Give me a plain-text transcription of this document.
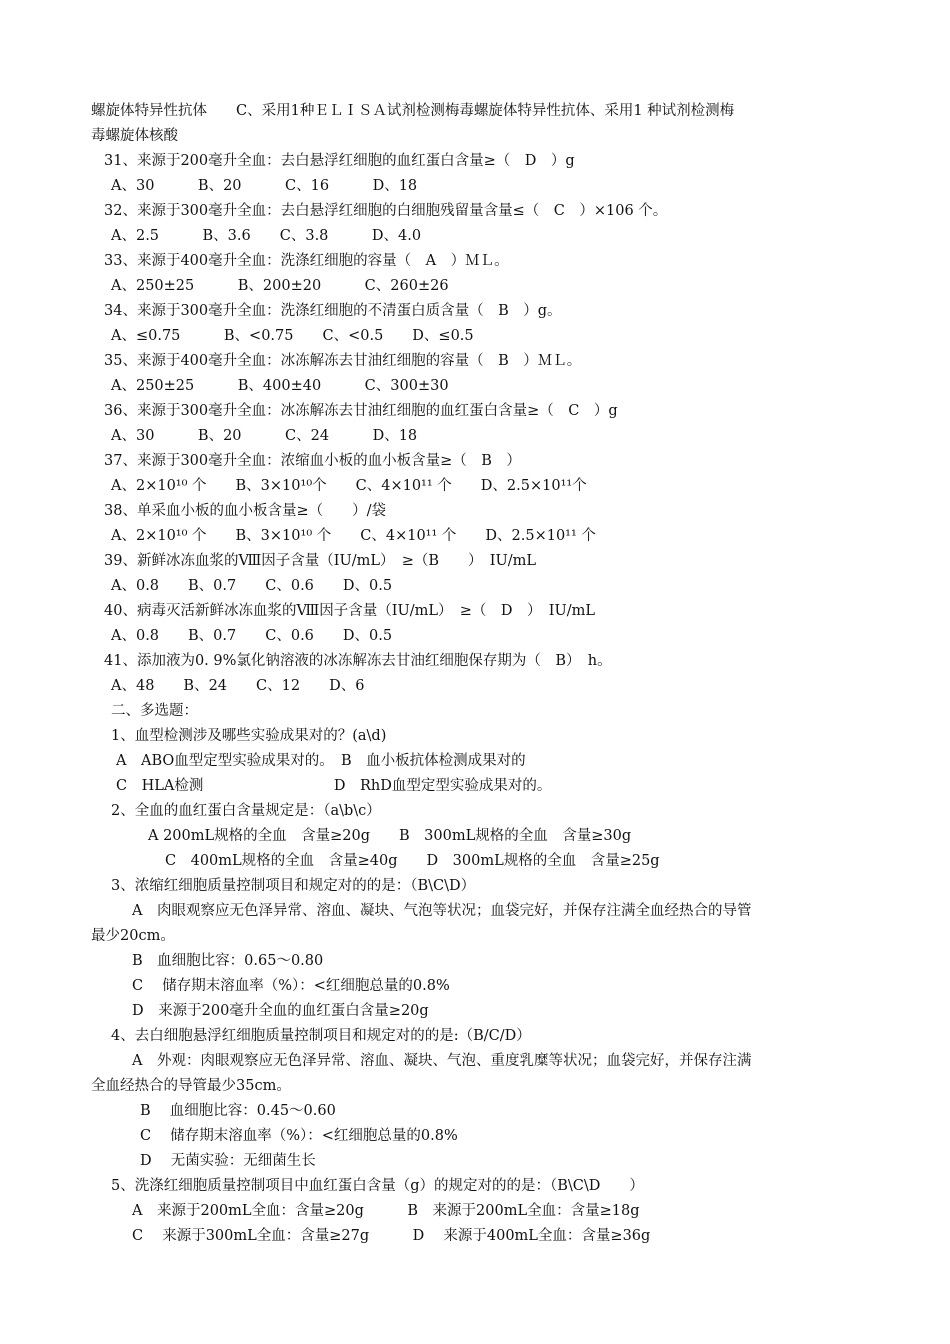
螺旋体特异性抗体　　C、采用1种ＥＬＩＳＡ试剂检测梅毒螺旋体特异性抗体、采用1 种试剂检测梅
毒螺旋体核酸
31、来源于200毫升全血：去白悬浮红细胞的血红蛋白含量≥（　D　）g
A、30　　　B、20　　　C、16　　　D、18
32、来源于300毫升全血：去白悬浮红细胞的白细胞残留量含量≤（　C　）×106 个。
A、2.5　　　B、3.6　　C、3.8　　　D、4.0
33、来源于400毫升全血：洗涤红细胞的容量（　A　）ＭＬ。
A、250±25　　　B、200±20　　　C、260±26
34、来源于300毫升全血：洗涤红细胞的不清蛋白质含量（　B　）g。
A、≤0.75　　　B、<0.75　　C、<0.5　　D、≤0.5
35、来源于400毫升全血：冰冻解冻去甘油红细胞的容量（　B　）ＭＬ。
A、250±25　　　B、400±40　　　C、300±30
36、来源于300毫升全血：冰冻解冻去甘油红细胞的血红蛋白含量≥（　C　）g
A、30　　　B、20　　　C、24　　　D、18
37、来源于300毫升全血：浓缩血小板的血小板含量≥（　B　）
A、2×10¹⁰ 个　　B、3×10¹⁰个　　C、4×10¹¹ 个　　D、2.5×10¹¹个
38、单采血小板的血小板含量≥（　　）/袋
A、2×10¹⁰ 个　　B、3×10¹⁰ 个　　C、4×10¹¹ 个　　D、2.5×10¹¹ 个
39、新鲜冰冻血浆的Ⅷ因子含量（IU/mL）　≥（B　　）　IU/mL
A、0.8　　B、0.7　　C、0.6　　D、0.5
40、病毒灭活新鲜冰冻血浆的Ⅷ因子含量（IU/mL）　≥（　D　）　IU/mL
A、0.8　　B、0.7　　C、0.6　　D、0.5
41、添加液为0. 9%氯化钠溶液的冰冻解冻去甘油红细胞保存期为（　B）　h。
A、48　　B、24　　C、12　　D、6
二、多选题：
1、血型检测涉及哪些实验成果对的？(a\d)
A　ABO血型定型实验成果对的。　B　血小板抗体检测成果对的
C　HLA检测　　　　　　　　　D　RhD血型定型实验成果对的。
2、全血的血红蛋白含量规定是：（a\b\c）
A 200mL规格的全血　含量≥20g　　B　300mL规格的全血　含量≥30g
C　400mL规格的全血　含量≥40g　　D　300mL规格的全血　含量≥25g
3、浓缩红细胞质量控制项目和规定对的的是：（B\C\D）
A　肉眼观察应无色泽异常、溶血、凝块、气泡等状况；血袋完好，并保存注满全血经热合的导管
最少20cm。
B　血细胞比容：0.65～0.80
C　 储存期末溶血率（%）：<红细胞总量的0.8%
D　来源于200毫升全血的血红蛋白含量≥20g
4、去白细胞悬浮红细胞质量控制项目和规定对的的是:（B/C/D）
A　外观：肉眼观察应无色泽异常、溶血、凝块、气泡、重度乳糜等状况；血袋完好，并保存注满
全血经热合的导管最少35cm。
B　 血细胞比容：0.45～0.60
C　 储存期末溶血率（%）：<红细胞总量的0.8%
D　 无菌实验：无细菌生长
5、洗涤红细胞质量控制项目中血红蛋白含量（g）的规定对的的是：（B\C\D　　）
A　来源于200mL全血：含量≥20g　　　B　来源于200mL全血：含量≥18g
C　 来源于300mL全血：含量≥27g　　　D　 来源于400mL全血：含量≥36g
